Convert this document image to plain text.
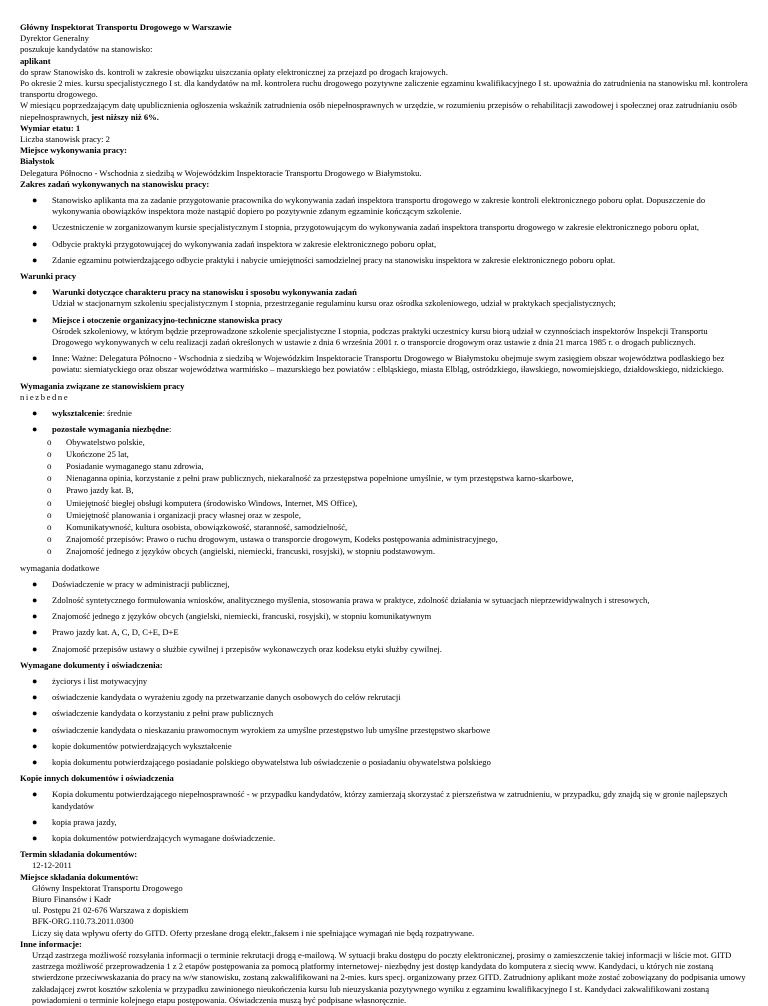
Główny Inspektorat Transportu Drogowego w Warszawie
Dyrektor Generalny
poszukuje kandydatów na stanowisko:
aplikant
do spraw Stanowisko ds. kontroli w zakresie obowiązku uiszczania opłaty elektronicznej za przejazd po drogach krajowych.
Po okresie 2 mies. kursu specjalistycznego I st. dla kandydatów na mł. kontrolera ruchu drogowego pozytywne zaliczenie egzaminu kwalifikacyjnego I st. upoważnia do zatrudnienia na stanowisku mł. kontrolera transportu drogowego.
W miesiącu poprzedzającym datę upublicznienia ogłoszenia wskaźnik zatrudnienia osób niepełnosprawnych w urzędzie, w rozumieniu przepisów o rehabilitacji zawodowej i społecznej oraz zatrudnianiu osób niepełnosprawnych, jest niższy niż 6%.
Wymiar etatu: 1
Liczba stanowisk pracy: 2
Miejsce wykonywania pracy:
Białystok
Delegatura Północno - Wschodnia z siedzibą w Wojewódzkim Inspektoracie Transportu Drogowego w Białymstoku.
Zakres zadań wykonywanych na stanowisku pracy:
● Stanowisko aplikanta ma za zadanie przygotowanie pracownika do wykonywania zadań inspektora transportu drogowego w zakresie kontroli elektronicznego poboru opłat. Dopuszczenie do wykonywania obowiązków inspektora może nastąpić dopiero po pozytywnie zdanym egzaminie kończącym szkolenie.
● Uczestniczenie w zorganizowanym kursie specjalistycznym I stopnia, przygotowującym do wykonywania zadań inspektora transportu drogowego w zakresie elektronicznego poboru opłat,
● Odbycie praktyki przygotowującej do wykonywania zadań inspektora w zakresie elektronicznego poboru opłat,
● Zdanie egzaminu potwierdzającego odbycie praktyki i nabycie umiejętności samodzielnej pracy na stanowisku inspektora w zakresie elektronicznego poboru opłat.
Warunki pracy
● Warunki dotyczące charakteru pracy na stanowisku i sposobu wykonywania zadań
Udział w stacjonarnym szkoleniu specjalistycznym I stopnia, przestrzeganie regulaminu kursu oraz ośrodka szkoleniowego, udział w praktykach specjalistycznych;
● Miejsce i otoczenie organizacyjno-techniczne stanowiska pracy
Ośrodek szkoleniowy, w którym będzie przeprowadzone szkolenie specjalistyczne I stopnia, podczas praktyki uczestnicy kursu biorą udział w czynnościach inspektorów Inspekcji Transportu Drogowego wykonywanych w celu realizacji zadań określonych w ustawie z dnia 6 września 2001 r. o transporcie drogowym oraz ustawie z dnia 21 marca 1985 r. o drogach publicznych.
● Inne: Ważne: Delegatura Północno - Wschodnia z siedzibą w Wojewódzkim Inspektoracie Transportu Drogowego w Białymstoku obejmuje swym zasięgiem obszar województwa podlaskiego bez powiatu: siemiatyckiego oraz obszar województwa warmińsko – mazurskiego bez powiatów : elbląskiego, miasta Elbląg, ostródzkiego, iławskiego, nowomiejskiego, działdowskiego, nidzickiego.
Wymagania związane ze stanowiskiem pracy
niezbedne
● wykształcenie: średnie
● pozostałe wymagania niezbędne:
o Obywatelstwo polskie,
o Ukończone 25 lat,
o Posiadanie wymaganego stanu zdrowia,
o Nienaganna opinia, korzystanie z pełni praw publicznych, niekaralność za przestępstwa popełnione umyślnie, w tym przestępstwa karno-skarbowe,
o Prawo jazdy kat. B,
o Umiejętność biegłej obsługi komputera (środowisko Windows, Internet, MS Office),
o Umiejętność planowania i organizacji pracy własnej oraz w zespole,
o Komunikatywność, kultura osobista, obowiązkowość, staranność, samodzielność,
o Znajomość przepisów: Prawo o ruchu drogowym, ustawa o transporcie drogowym, Kodeks postępowania administracyjnego,
o Znajomość jednego z języków obcych (angielski, niemiecki, francuski, rosyjski), w stopniu podstawowym.
wymagania dodatkowe
● Doświadczenie w pracy w administracji publicznej,
● Zdolność syntetycznego formułowania wniosków, analitycznego myślenia, stosowania prawa w praktyce, zdolność działania w sytuacjach nieprzewidywalnych i stresowych,
● Znajomość jednego z języków obcych (angielski, niemiecki, francuski, rosyjski), w stopniu komunikatywnym
● Prawo jazdy kat. A, C, D, C+E, D+E
● Znajomość przepisów ustawy o służbie cywilnej i przepisów wykonawczych oraz kodeksu etyki służby cywilnej.
Wymagane dokumenty i oświadczenia:
● życiorys i list motywacyjny
● oświadczenie kandydata o wyrażeniu zgody na przetwarzanie danych osobowych do celów rekrutacji
● oświadczenie kandydata o korzystaniu z pełni praw publicznych
● oświadczenie kandydata o nieskazaniu prawomocnym wyrokiem za umyślne przestępstwo lub umyślne przestępstwo skarbowe
● kopie dokumentów potwierdzających wykształcenie
● kopia dokumentu potwierdzającego posiadanie polskiego obywatelstwa lub oświadczenie o posiadaniu obywatelstwa polskiego
Kopie innych dokumentów i oświadczenia
● Kopia dokumentu potwierdzającego niepełnosprawność - w przypadku kandydatów, którzy zamierzają skorzystać z pierszeństwa w zatrudnieniu, w przypadku, gdy znajdą się w gronie najlepszych kandydatów
● kopia prawa jazdy,
● kopia dokumentów potwierdzających wymagane doświadczenie.
Termin składania dokumentów:
12-12-2011
Miejsce składania dokumentów:
Główny Inspektorat Transportu Drogowego
Biuro Finansów i Kadr
ul. Postępu 21 02-676 Warszawa z dopiskiem
BFK-ORG.110.73.2011.0300
Liczy się data wpływu oferty do GITD. Oferty przesłane drogą elektr.,faksem i nie spełniające wymagań nie będą rozpatrywane.
Inne informacje:
Urząd zastrzega możliwość rozsyłania informacji o terminie rekrutacji drogą e-mailową. W sytuacji braku dostępu do poczty elektronicznej, prosimy o zamieszczenie takiej informacji w liście mot. GITD zastrzega możliwość przeprowadzenia 1 z 2 etapów postępowania za pomocą platformy internetowej- niezbędny jest dostęp kandydata do komputera z sieciq www. Kandydaci, u których nie zostaną stwierdzone przeciwwskazania do pracy na w/w stanowisku, zostaną zakwalifikowani na 2-mies. kurs specj. organizowany przez GITD. Zatrudniony aplikant może zostać zobowiązany do podpisania umowy zakładającej zwrot kosztów szkolenia w przypadku zawinionego nieukończenia kursu lub nieuzyskania pozytywnego wyniku z egzaminu kwalifikacyjnego I st. Kandydaci zakwalifikowani zostaną powiadomieni o terminie kolejnego etapu postępowania. Oświadczenia muszą być podpisane własnoręcznie.
